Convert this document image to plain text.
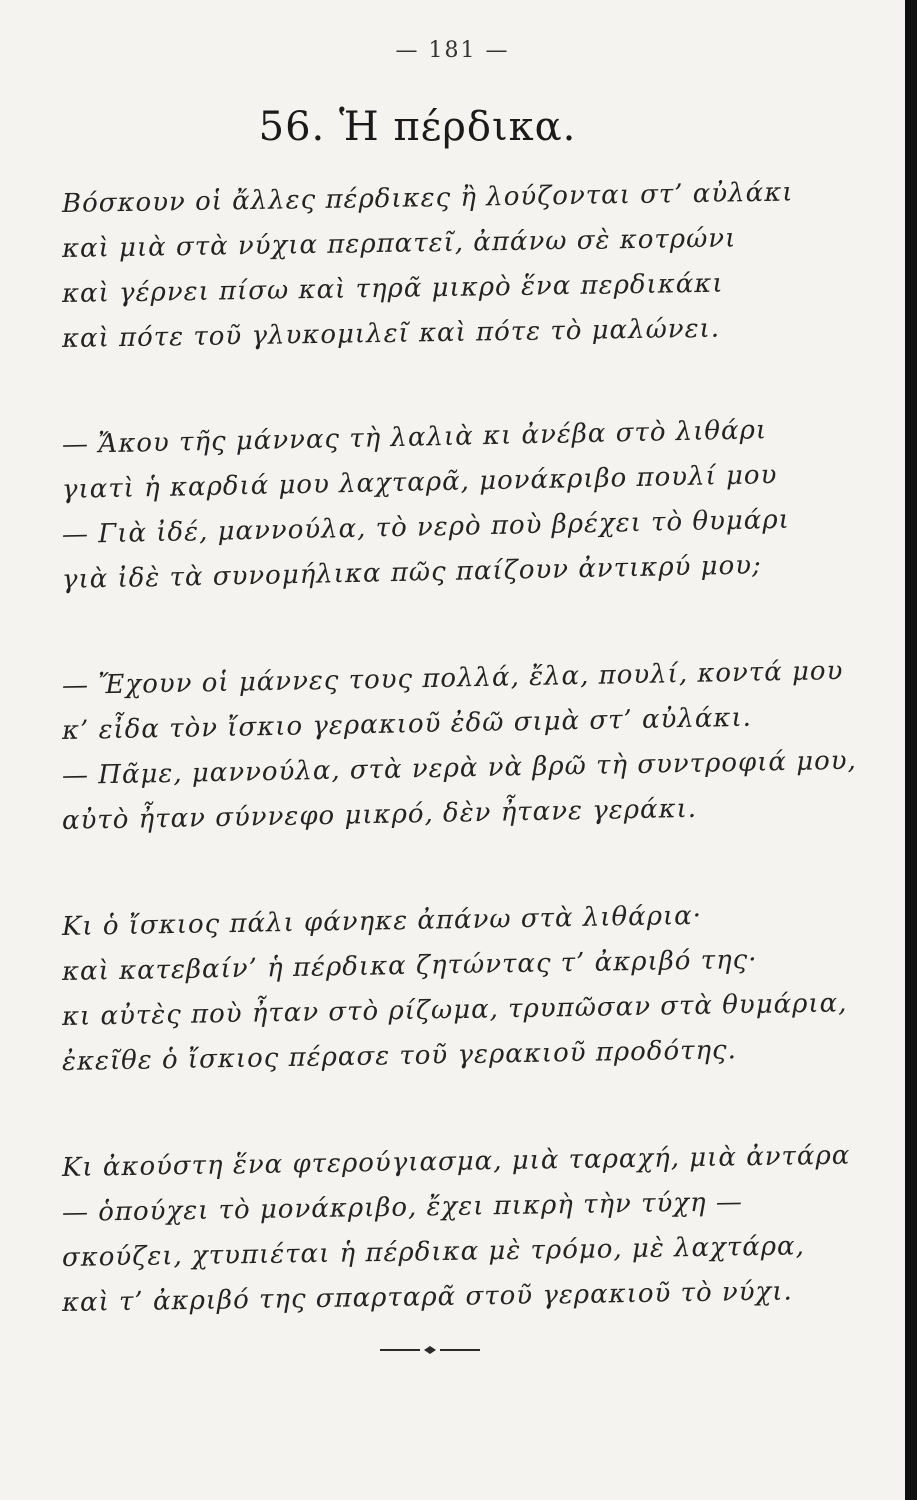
— 181 —
56. Ἡ πέρδικα.
Βόσκουν οἱ ἄλλες πέρδικες ἢ λούζονται στ’ αὐλάκι
καὶ μιὰ στὰ νύχια περπατεῖ, ἀπάνω σὲ κοτρώνι
καὶ γέρνει πίσω καὶ τηρᾶ μικρὸ ἕνα περδικάκι
καὶ πότε τοῦ γλυκομιλεῖ καὶ πότε τὸ μαλώνει.
— Ἄκου τῆς μάννας τὴ λαλιὰ κι ἀνέβα στὸ λιθάρι
γιατὶ ἡ καρδιά μου λαχταρᾶ, μονάκριβο πουλί μου
— Γιὰ ἰδέ, μαννούλα, τὸ νερὸ ποὺ βρέχει τὸ θυμάρι
γιὰ ἰδὲ τὰ συνομήλικα πῶς παίζουν ἀντικρύ μου;
— Ἔχουν οἱ μάννες τους πολλά, ἔλα, πουλί, κοντά μου
κ’ εἶδα τὸν ἴσκιο γερακιοῦ ἐδῶ σιμὰ στ’ αὐλάκι.
— Πᾶμε, μαννούλα, στὰ νερὰ νὰ βρῶ τὴ συντροφιά μου,
αὐτὸ ἦταν σύννεφο μικρό, δὲν ἦτανε γεράκι.
Κι ὁ ἴσκιος πάλι φάνηκε ἀπάνω στὰ λιθάρια·
καὶ κατεβαίν’ ἡ πέρδικα ζητώντας τ’ ἀκριβό της·
κι αὐτὲς ποὺ ἦταν στὸ ρίζωμα, τρυπῶσαν στὰ θυμάρια,
ἐκεῖθε ὁ ἴσκιος πέρασε τοῦ γερακιοῦ προδότης.
Κι ἀκούστη ἕνα φτερούγιασμα, μιὰ ταραχή, μιὰ ἀντάρα
— ὁπούχει τὸ μονάκριβο, ἔχει πικρὴ τὴν τύχη —
σκούζει, χτυπιέται ἡ πέρδικα μὲ τρόμο, μὲ λαχτάρα,
καὶ τ’ ἀκριβό της σπαρταρᾶ στοῦ γερακιοῦ τὸ νύχι.
